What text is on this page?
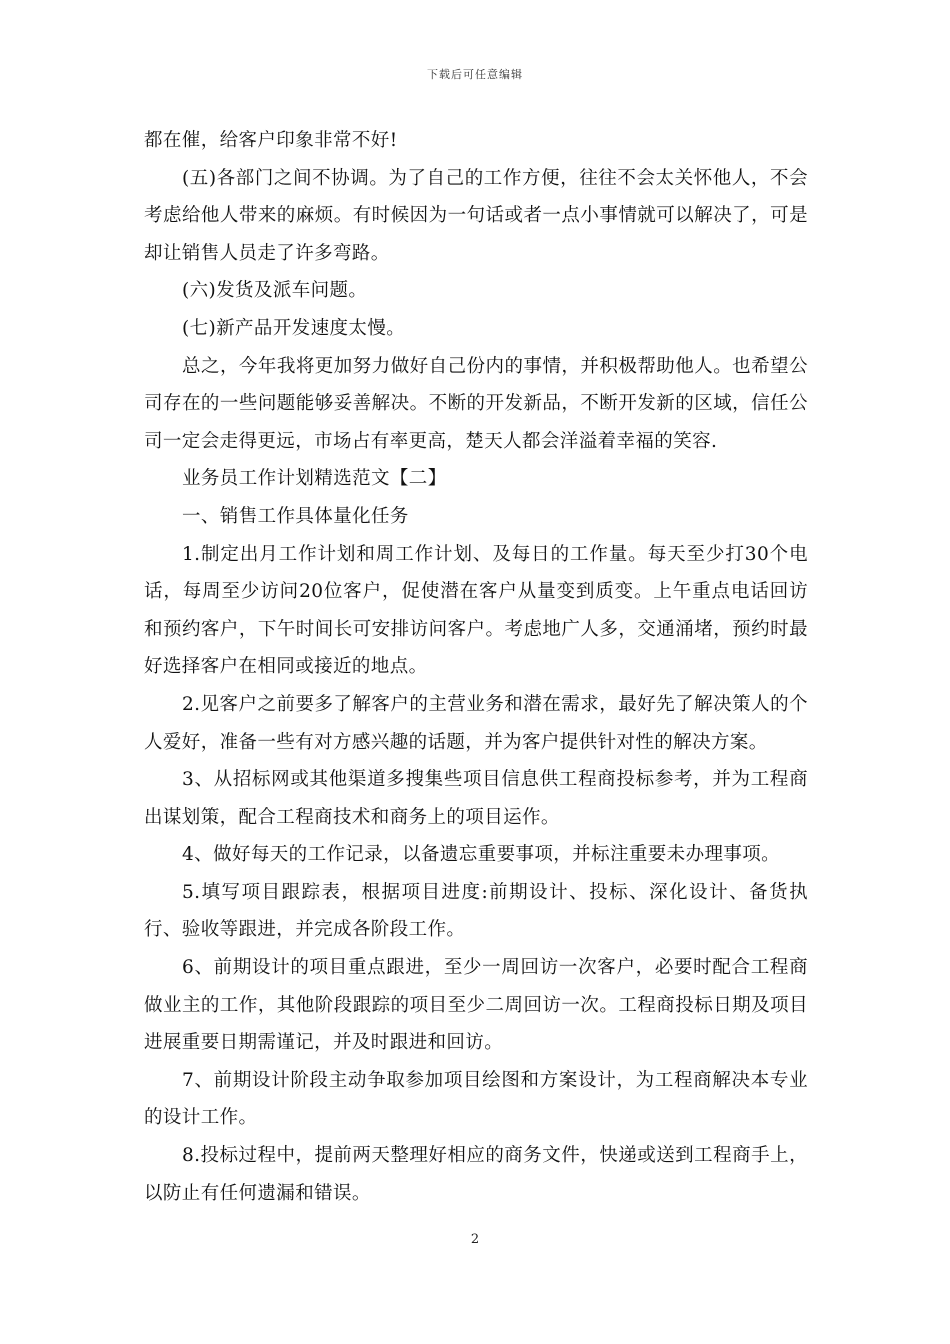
下载后可任意编辑

都在催，给客户印象非常不好!

(五)各部门之间不协调。为了自己的工作方便，往往不会太关怀他人，不会考虑给他人带来的麻烦。有时候因为一句话或者一点小事情就可以解决了，可是却让销售人员走了许多弯路。

(六)发货及派车问题。

(七)新产品开发速度太慢。

总之，今年我将更加努力做好自己份内的事情，并积极帮助他人。也希望公司存在的一些问题能够妥善解决。不断的开发新品，不断开发新的区域，信任公司一定会走得更远，市场占有率更高，楚天人都会洋溢着幸福的笑容.

业务员工作计划精选范文【二】

一、销售工作具体量化任务

1.制定出月工作计划和周工作计划、及每日的工作量。每天至少打30个电话，每周至少访问20位客户，促使潜在客户从量变到质变。上午重点电话回访和预约客户，下午时间长可安排访问客户。考虑地广人多，交通涌堵，预约时最好选择客户在相同或接近的地点。

2.见客户之前要多了解客户的主营业务和潜在需求，最好先了解决策人的个人爱好，准备一些有对方感兴趣的话题，并为客户提供针对性的解决方案。

3、从招标网或其他渠道多搜集些项目信息供工程商投标参考，并为工程商出谋划策，配合工程商技术和商务上的项目运作。

4、做好每天的工作记录，以备遗忘重要事项，并标注重要未办理事项。

5.填写项目跟踪表，根据项目进度:前期设计、投标、深化设计、备货执行、验收等跟进，并完成各阶段工作。

6、前期设计的项目重点跟进，至少一周回访一次客户，必要时配合工程商做业主的工作，其他阶段跟踪的项目至少二周回访一次。工程商投标日期及项目进展重要日期需谨记，并及时跟进和回访。

7、前期设计阶段主动争取参加项目绘图和方案设计，为工程商解决本专业的设计工作。

8.投标过程中，提前两天整理好相应的商务文件，快递或送到工程商手上，以防止有任何遗漏和错误。

2
